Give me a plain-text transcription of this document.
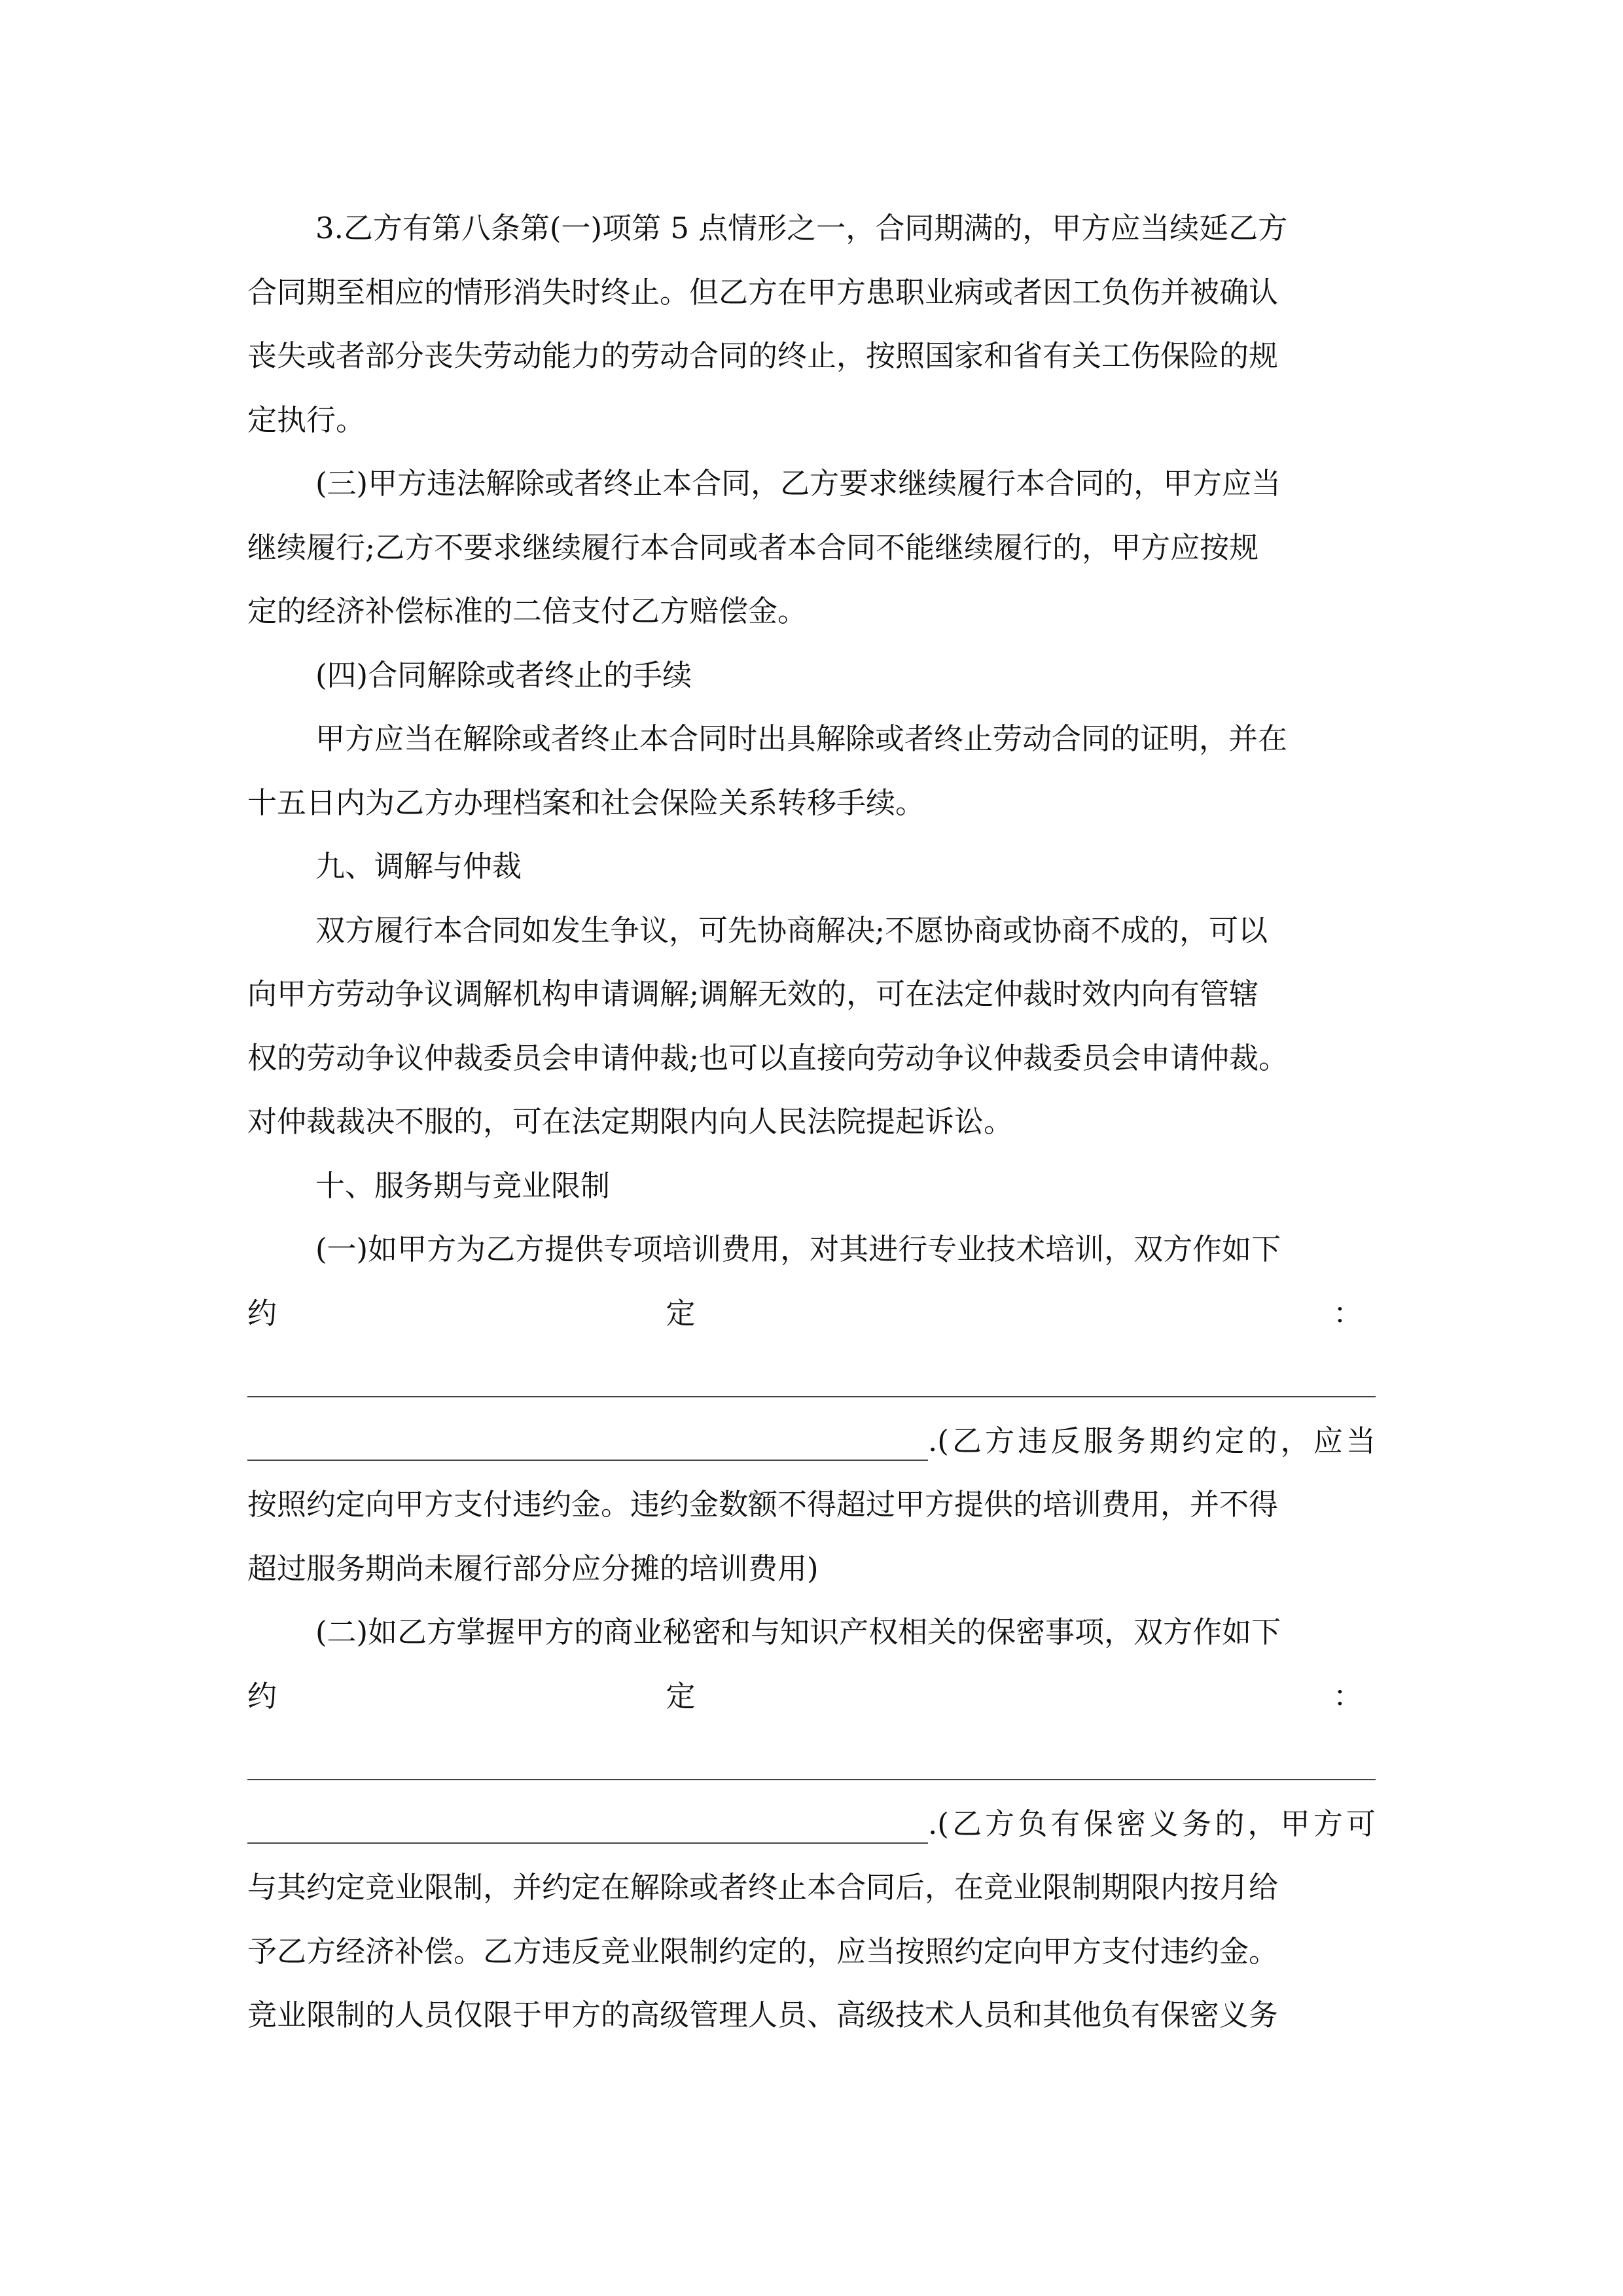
3.乙方有第八条第(一)项第 5 点情形之一，合同期满的，甲方应当续延乙方
合同期至相应的情形消失时终止。但乙方在甲方患职业病或者因工负伤并被确认
丧失或者部分丧失劳动能力的劳动合同的终止，按照国家和省有关工伤保险的规
定执行。

(三)甲方违法解除或者终止本合同，乙方要求继续履行本合同的，甲方应当
继续履行;乙方不要求继续履行本合同或者本合同不能继续履行的，甲方应按规
定的经济补偿标准的二倍支付乙方赔偿金。

(四)合同解除或者终止的手续

甲方应当在解除或者终止本合同时出具解除或者终止劳动合同的证明，并在
十五日内为乙方办理档案和社会保险关系转移手续。

九、调解与仲裁

双方履行本合同如发生争议，可先协商解决;不愿协商或协商不成的，可以
向甲方劳动争议调解机构申请调解;调解无效的，可在法定仲裁时效内向有管辖
权的劳动争议仲裁委员会申请仲裁;也可以直接向劳动争议仲裁委员会申请仲裁。
对仲裁裁决不服的，可在法定期限内向人民法院提起诉讼。

十、服务期与竞业限制

(一)如甲方为乙方提供专项培训费用，对其进行专业技术培训，双方作如下

约	定	：
.(乙方违反服务期约定的，应当

按照约定向甲方支付违约金。违约金数额不得超过甲方提供的培训费用，并不得
超过服务期尚未履行部分应分摊的培训费用)

(二)如乙方掌握甲方的商业秘密和与知识产权相关的保密事项，双方作如下

约	定	：
.(乙方负有保密义务的，甲方可

与其约定竞业限制，并约定在解除或者终止本合同后，在竞业限制期限内按月给
予乙方经济补偿。乙方违反竞业限制约定的，应当按照约定向甲方支付违约金。
竞业限制的人员仅限于甲方的高级管理人员、高级技术人员和其他负有保密义务
